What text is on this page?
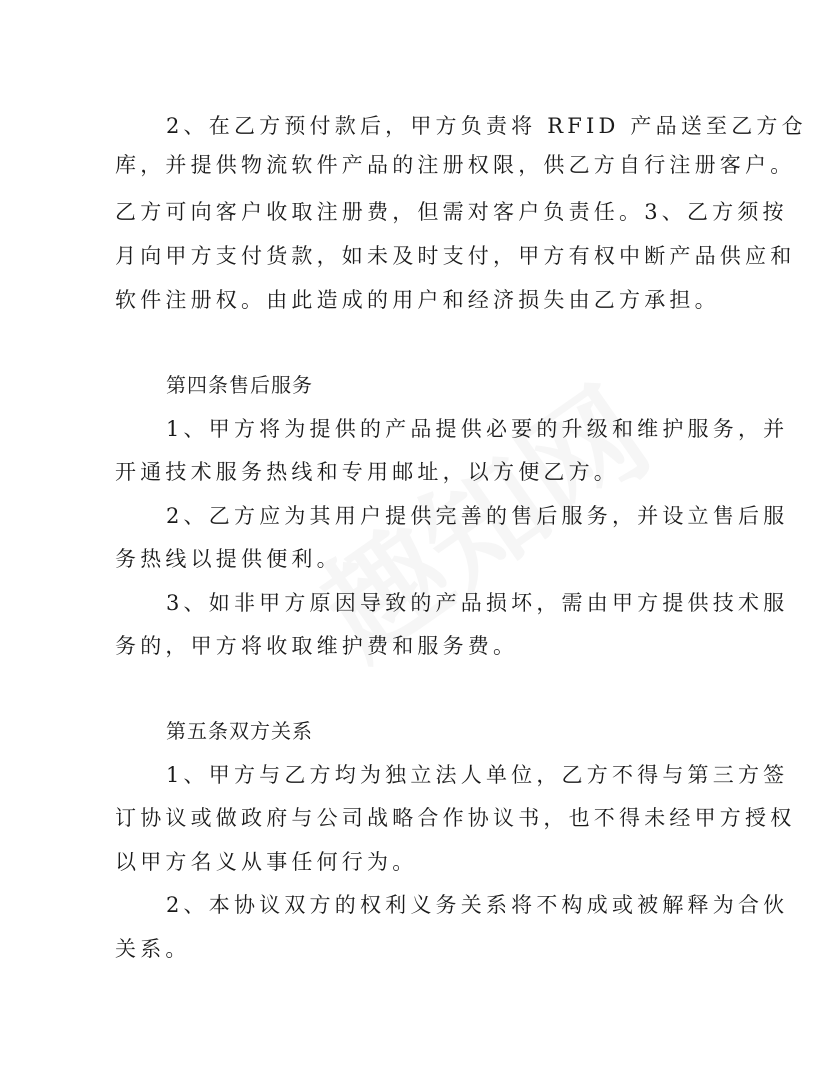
2、在乙方预付款后，甲方负责将 RFID 产品送至乙方仓
库，并提供物流软件产品的注册权限，供乙方自行注册客户。
乙方可向客户收取注册费，但需对客户负责任。3、乙方须按
月向甲方支付货款，如未及时支付，甲方有权中断产品供应和
软件注册权。由此造成的用户和经济损失由乙方承担。
第四条售后服务
1、甲方将为提供的产品提供必要的升级和维护服务，并
开通技术服务热线和专用邮址，以方便乙方。
2、乙方应为其用户提供完善的售后服务，并设立售后服
务热线以提供便利。
3、如非甲方原因导致的产品损坏，需由甲方提供技术服
务的，甲方将收取维护费和服务费。
第五条双方关系
1、甲方与乙方均为独立法人单位，乙方不得与第三方签
订协议或做政府与公司战略合作协议书，也不得未经甲方授权
以甲方名义从事任何行为。
2、本协议双方的权利义务关系将不构成或被解释为合伙
关系。
